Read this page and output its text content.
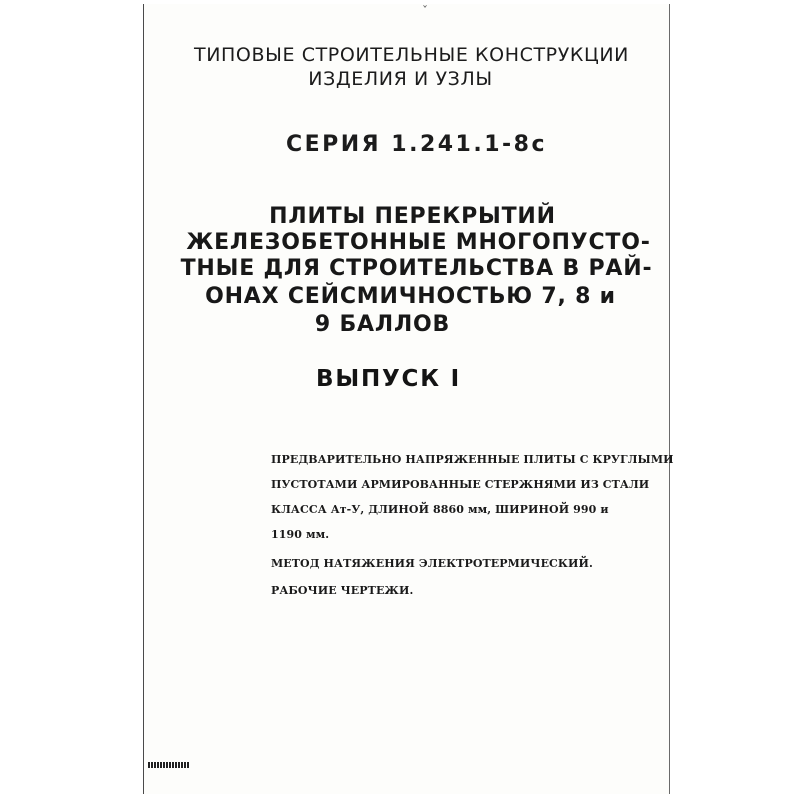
ˇ
ТИПОВЫЕ СТРОИТЕЛЬНЫЕ КОНСТРУКЦИИ
ИЗДЕЛИЯ И УЗЛЫ
СЕРИЯ 1.241.1-8с
ПЛИТЫ ПЕРЕКРЫТИЙ
ЖЕЛЕЗОБЕТОННЫЕ МНОГОПУСТО-
ТНЫЕ ДЛЯ СТРОИТЕЛЬСТВА В РАЙ-
ОНАХ СЕЙСМИЧНОСТЬЮ 7, 8 и
9 БАЛЛОВ
ВЫПУСК I
ПРЕДВАРИТЕЛЬНО НАПРЯЖЕННЫЕ ПЛИТЫ С КРУГЛЫМИ
ПУСТОТАМИ АРМИРОВАННЫЕ СТЕРЖНЯМИ ИЗ СТАЛИ
КЛАССА Ат-У, ДЛИНОЙ 8860 мм, ШИРИНОЙ 990 и
1190 мм.
МЕТОД НАТЯЖЕНИЯ ЭЛЕКТРОТЕРМИЧЕСКИЙ.
РАБОЧИЕ ЧЕРТЕЖИ.
